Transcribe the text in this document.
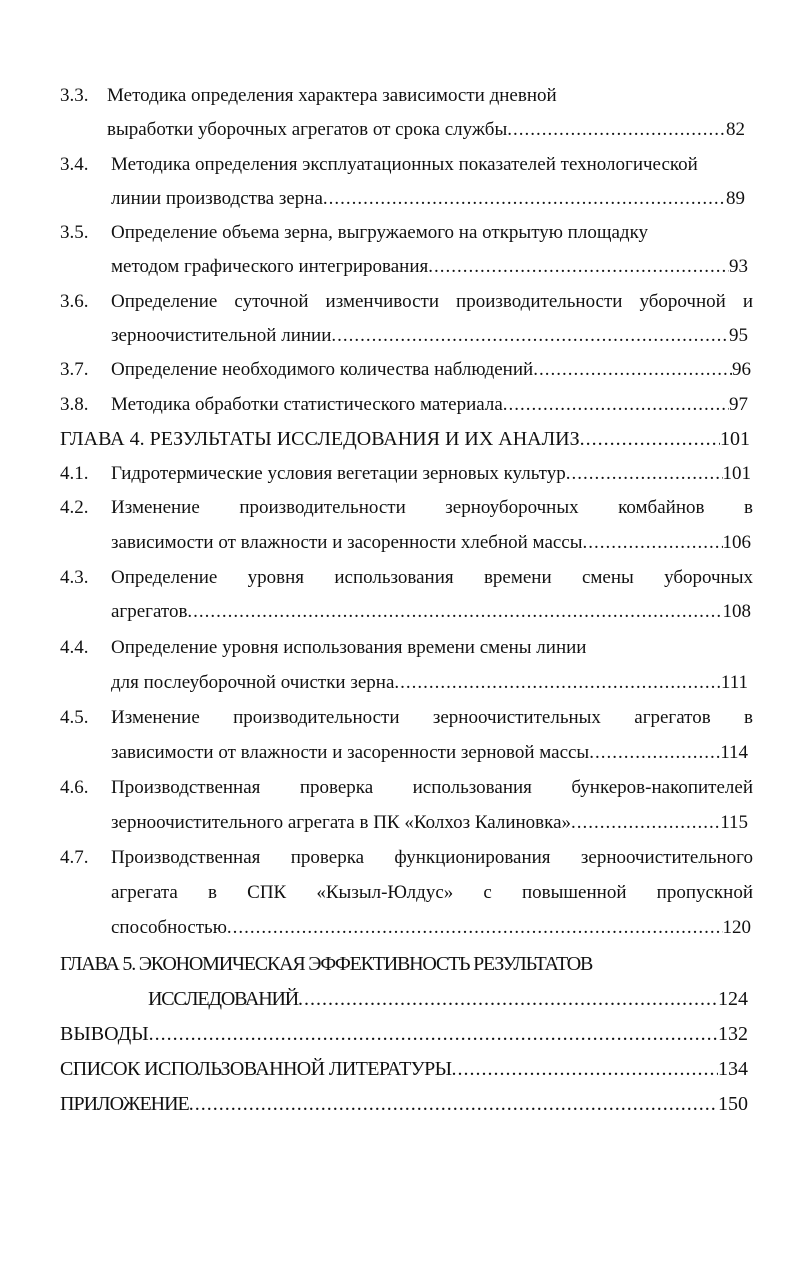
3.3. Методика определения характера зависимости дневной
выработки уборочных агрегатов от срока службы .....	82
3.4. Методика определения эксплуатационных показателей технологической
линии производства зерна .....	89
3.5. Определение объема зерна, выгружаемого на открытую площадку
методом графического интегрирования .....	93
3.6. Определение суточной изменчивости производительности уборочной и
зерноочистительной линии .....	95
3.7. Определение необходимого количества наблюдений .....	96
3.8. Методика обработки статистического материала .....	97
ГЛАВА 4. РЕЗУЛЬТАТЫ ИССЛЕДОВАНИЯ И ИХ АНАЛИЗ .....	101
4.1. Гидротермические условия вегетации зерновых культур .....	101
4.2. Изменение производительности зерноуборочных комбайнов в
зависимости от влажности и засоренности хлебной массы .....	106
4.3. Определение уровня использования времени смены уборочных
агрегатов .....	108
4.4. Определение уровня использования времени смены линии
для послеуборочной очистки зерна .....	111
4.5. Изменение производительности зерноочистительных агрегатов в
зависимости от влажности и засоренности зерновой массы .....	114
4.6. Производственная проверка использования бункеров-накопителей
зерноочистительного агрегата в ПК «Колхоз Калиновка» .....	115
4.7. Производственная проверка функционирования зерноочистительного
агрегата в СПК «Кызыл-Юлдус» с повышенной пропускной
способностью .....	120
ГЛАВА 5. ЭКОНОМИЧЕСКАЯ ЭФФЕКТИВНОСТЬ РЕЗУЛЬТАТОВ
ИССЛЕДОВАНИЙ .....	124
ВЫВОДЫ .....	132
СПИСОК ИСПОЛЬЗОВАННОЙ ЛИТЕРАТУРЫ .....	134
ПРИЛОЖЕНИЕ .....	150
